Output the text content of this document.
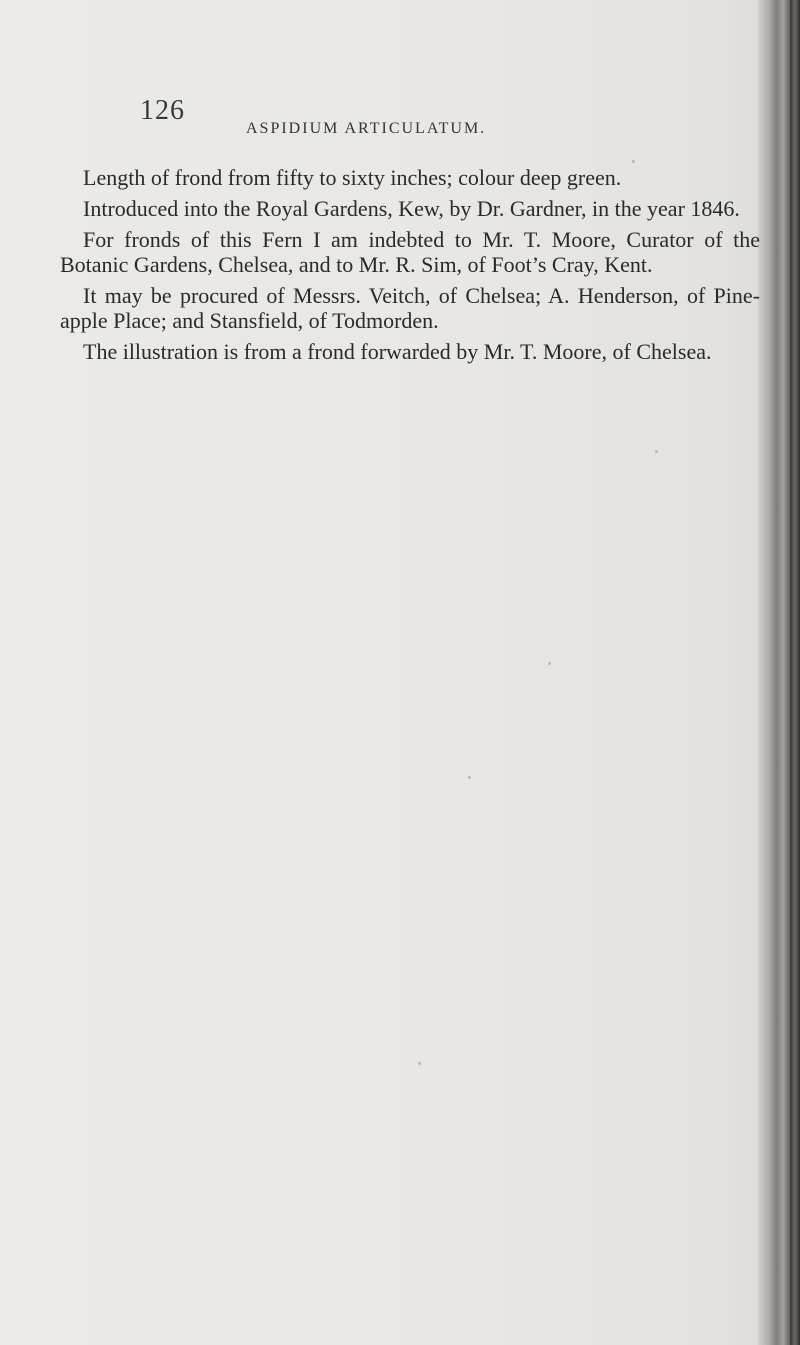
126
ASPIDIUM ARTICULATUM.

Length of frond from fifty to sixty inches; colour deep green.

Introduced into the Royal Gardens, Kew, by Dr. Gardner, in the year 1846.

For fronds of this Fern I am indebted to Mr. T. Moore, Curator of the Botanic Gardens, Chelsea, and to Mr. R. Sim, of Foot’s Cray, Kent.

It may be procured of Messrs. Veitch, of Chelsea; A. Henderson, of Pine-apple Place; and Stansfield, of Todmorden.

The illustration is from a frond forwarded by Mr. T. Moore, of Chelsea.
